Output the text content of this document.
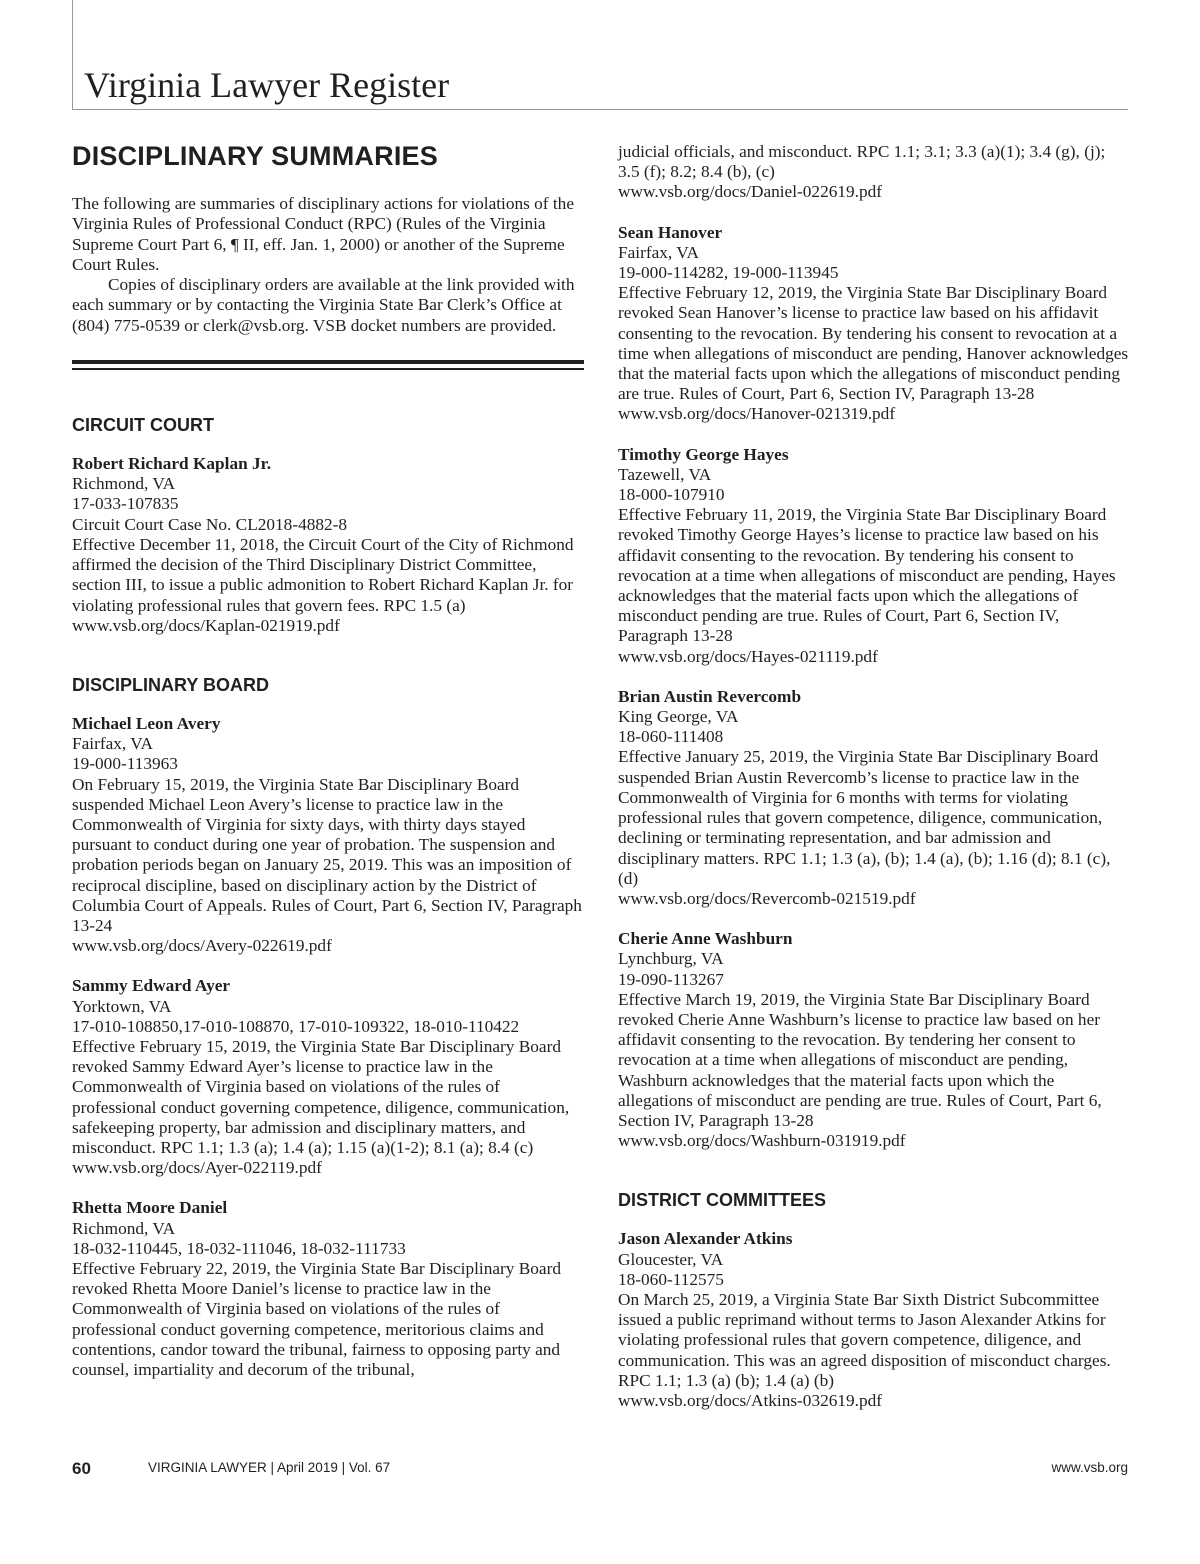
Virginia Lawyer Register
DISCIPLINARY SUMMARIES

The following are summaries of disciplinary actions for violations of the Virginia Rules of Professional Conduct (RPC) (Rules of the Virginia Supreme Court Part 6, ¶ II, eff. Jan. 1, 2000) or another of the Supreme Court Rules.

Copies of disciplinary orders are available at the link provided with each summary or by contacting the Virginia State Bar Clerk’s Office at (804) 775-0539 or clerk@vsb.org. VSB docket numbers are provided.

CIRCUIT COURT
Robert Richard Kaplan Jr.
Richmond, VA
17-033-107835
Circuit Court Case No. CL2018-4882-8

Effective December 11, 2018, the Circuit Court of the City of Richmond affirmed the decision of the Third Disciplinary District Committee, section III, to issue a public admonition to Robert Richard Kaplan Jr. for violating professional rules that govern fees. RPC 1.5 (a)

www.vsb.org/docs/Kaplan-021919.pdf
DISCIPLINARY BOARD
Michael Leon Avery
Fairfax, VA
19-000-113963

On February 15, 2019, the Virginia State Bar Disciplinary Board suspended Michael Leon Avery’s license to practice law in the Commonwealth of Virginia for sixty days, with thirty days stayed pursuant to conduct during one year of probation. The suspension and probation periods began on January 25, 2019. This was an imposition of reciprocal discipline, based on disciplinary action by the District of Columbia Court of Appeals. Rules of Court, Part 6, Section IV, Paragraph 13-24

www.vsb.org/docs/Avery-022619.pdf
Sammy Edward Ayer
Yorktown, VA
17-010-108850,17-010-108870, 17-010-109322, 18-010-110422

Effective February 15, 2019, the Virginia State Bar Disciplinary Board revoked Sammy Edward Ayer’s license to practice law in the Commonwealth of Virginia based on violations of the rules of professional conduct governing competence, diligence, communication, safekeeping property, bar admission and disciplinary matters, and misconduct. RPC 1.1; 1.3 (a); 1.4 (a); 1.15 (a)(1-2); 8.1 (a); 8.4 (c)

www.vsb.org/docs/Ayer-022119.pdf
Rhetta Moore Daniel
Richmond, VA
18-032-110445, 18-032-111046, 18-032-111733

Effective February 22, 2019, the Virginia State Bar Disciplinary Board revoked Rhetta Moore Daniel’s license to practice law in the Commonwealth of Virginia based on violations of the rules of professional conduct governing competence, meritorious claims and contentions, candor toward the tribunal, fairness to opposing party and counsel, impartiality and decorum of the tribunal,

judicial officials, and misconduct. RPC 1.1; 3.1; 3.3 (a)(1); 3.4 (g), (j); 3.5 (f); 8.2; 8.4 (b), (c)

www.vsb.org/docs/Daniel-022619.pdf
Sean Hanover
Fairfax, VA
19-000-114282, 19-000-113945

Effective February 12, 2019, the Virginia State Bar Disciplinary Board revoked Sean Hanover’s license to practice law based on his affidavit consenting to the revocation. By tendering his consent to revocation at a time when allegations of misconduct are pending, Hanover acknowledges that the material facts upon which the allegations of misconduct pending are true. Rules of Court, Part 6, Section IV, Paragraph 13-28

www.vsb.org/docs/Hanover-021319.pdf
Timothy George Hayes
Tazewell, VA
18-000-107910

Effective February 11, 2019, the Virginia State Bar Disciplinary Board revoked Timothy George Hayes’s license to practice law based on his affidavit consenting to the revocation. By tendering his consent to revocation at a time when allegations of misconduct are pending, Hayes acknowledges that the material facts upon which the allegations of misconduct pending are true. Rules of Court, Part 6, Section IV, Paragraph 13-28

www.vsb.org/docs/Hayes-021119.pdf
Brian Austin Revercomb
King George, VA
18-060-111408

Effective January 25, 2019, the Virginia State Bar Disciplinary Board suspended Brian Austin Revercomb’s license to practice law in the Commonwealth of Virginia for 6 months with terms for violating professional rules that govern competence, diligence, communication, declining or terminating representation, and bar admission and disciplinary matters. RPC 1.1; 1.3 (a), (b); 1.4 (a), (b); 1.16 (d); 8.1 (c), (d)

www.vsb.org/docs/Revercomb-021519.pdf
Cherie Anne Washburn
Lynchburg, VA
19-090-113267

Effective March 19, 2019, the Virginia State Bar Disciplinary Board revoked Cherie Anne Washburn’s license to practice law based on her affidavit consenting to the revocation. By tendering her consent to revocation at a time when allegations of misconduct are pending, Washburn acknowledges that the material facts upon which the allegations of misconduct are pending are true. Rules of Court, Part 6, Section IV, Paragraph 13-28

www.vsb.org/docs/Washburn-031919.pdf
DISTRICT COMMITTEES
Jason Alexander Atkins
Gloucester, VA
18-060-112575

On March 25, 2019, a Virginia State Bar Sixth District Subcommittee issued a public reprimand without terms to Jason Alexander Atkins for violating professional rules that govern competence, diligence, and communication. This was an agreed disposition of misconduct charges. RPC 1.1; 1.3 (a) (b); 1.4 (a) (b)

www.vsb.org/docs/Atkins-032619.pdf
60	VIRGINIA LAWYER | April 2019 | Vol. 67	www.vsb.org
